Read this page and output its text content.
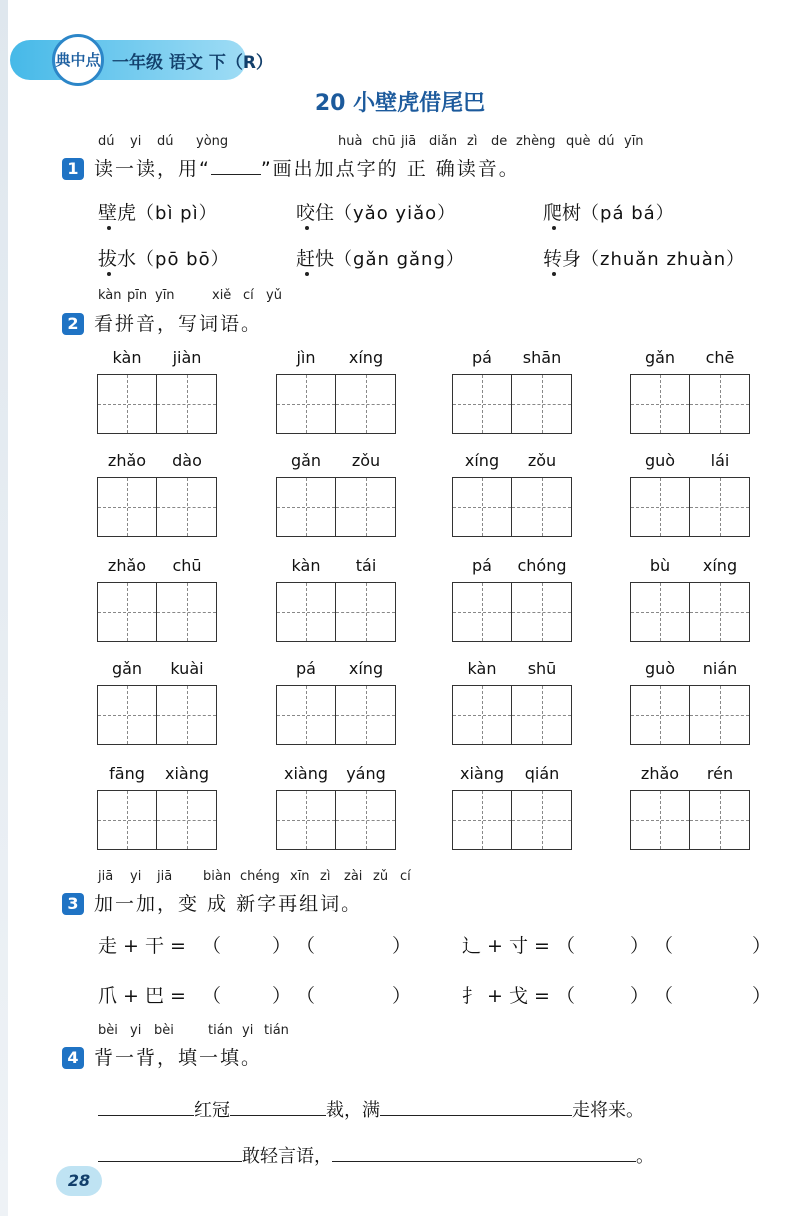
典中点 一年级 语文 下（R）
20 小壁虎借尾巴
dú yi dú yòng	huà chū jiā diǎn zì de zhèng què dú yīn
1 读一读，用“	”画出加点字的 正 确读音。
壁虎（bì pì）	咬住（yǎo yiǎo）	爬树（pá bá）
拔水（pō bō）	赶快（gǎn gǎng）	转身（zhuǎn zhuàn）
kàn pīn yīn	xiě cí yǔ
2 看拼音，写词语。
kàn	jiàn	jìn	xíng	pá	shān	gǎn	chē
zhǎo	dào	gǎn	zǒu	xíng	zǒu	guò	lái
zhǎo	chū	kàn	tái	pá	chóng	bù	xíng
gǎn	kuài	pá	xíng	kàn	shū	guò	nián
fāng	xiàng	xiàng	yáng	xiàng	qián	zhǎo	rén
jiā yi jiā biàn chéng xīn zì zài zǔ cí
3 加一加，变 成 新字再组词。
走 + 干 = （	） （	）	辶 + 寸 = （	） （	）
爪 + 巴 = （	） （	）	扌 + 戈 = （	） （	）
bèi yi bèi	tián yi tián
4 背一背，填一填。
红冠	裁，满	走将来。
敢轻言语，	。
28
